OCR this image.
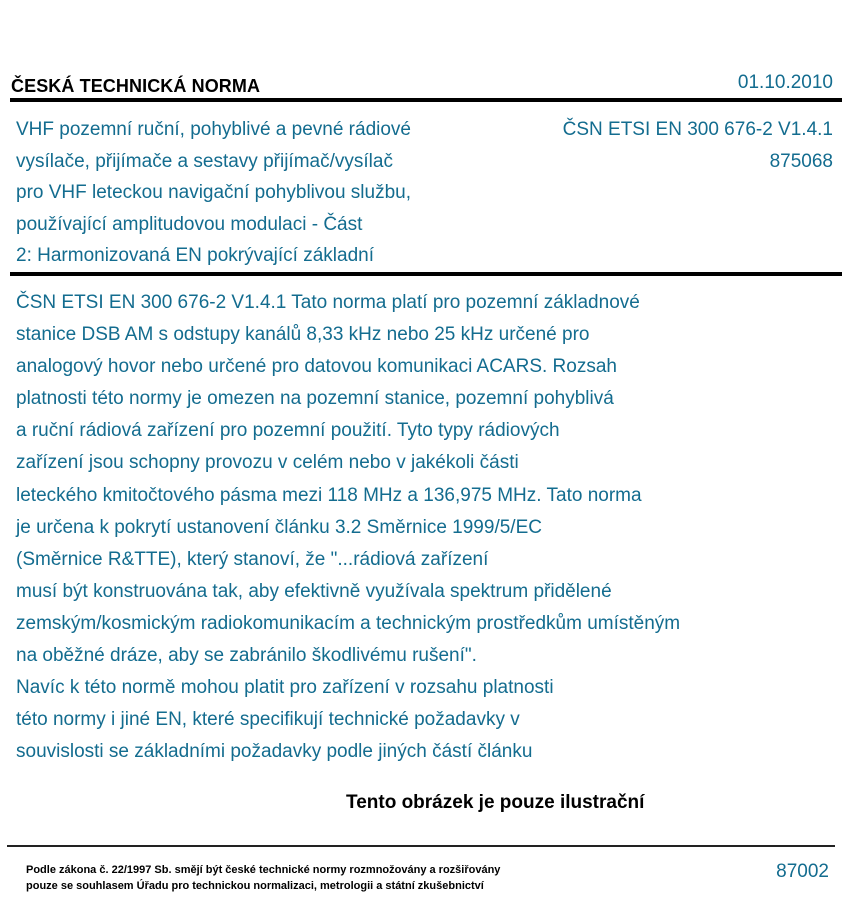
ČESKÁ TECHNICKÁ NORMA	01.10.2010
VHF pozemní ruční, pohyblivé a pevné rádiové
vysílače, přijímače a sestavy přijímač/vysílač
pro VHF leteckou navigační pohyblivou službu,
používající amplitudovou modulaci - Část
2: Harmonizovaná EN pokrývající základní
ČSN ETSI EN 300 676-2 V1.4.1
875068
ČSN ETSI EN 300 676-2 V1.4.1 Tato norma platí pro pozemní základnové
stanice DSB AM s odstupy kanálů 8,33 kHz nebo 25 kHz určené pro
analogový hovor nebo určené pro datovou komunikaci ACARS. Rozsah
platnosti této normy je omezen na pozemní stanice, pozemní pohyblivá
a ruční rádiová zařízení pro pozemní použití. Tyto typy rádiových
zařízení jsou schopny provozu v celém nebo v jakékoli části
leteckého kmitočtového pásma mezi 118 MHz a 136,975 MHz. Tato norma
je určena k pokrytí ustanovení článku 3.2 Směrnice 1999/5/EC
(Směrnice R&TTE), který stanoví, že "...rádiová zařízení
musí být konstruována tak, aby efektivně využívala spektrum přidělené
zemským/kosmickým radiokomunikacím a technickým prostředkům umístěným
na oběžné dráze, aby se zabránilo škodlivému rušení".
Navíc k této normě mohou platit pro zařízení v rozsahu platnosti
této normy i jiné EN, které specifikují technické požadavky v
souvislosti se základními požadavky podle jiných částí článku
Tento obrázek je pouze ilustrační
Podle zákona č. 22/1997 Sb. smějí být české technické normy rozmnožovány a rozšiřovány
pouze se souhlasem Úřadu pro technickou normalizaci, metrologii a státní zkušebnictví
87002
